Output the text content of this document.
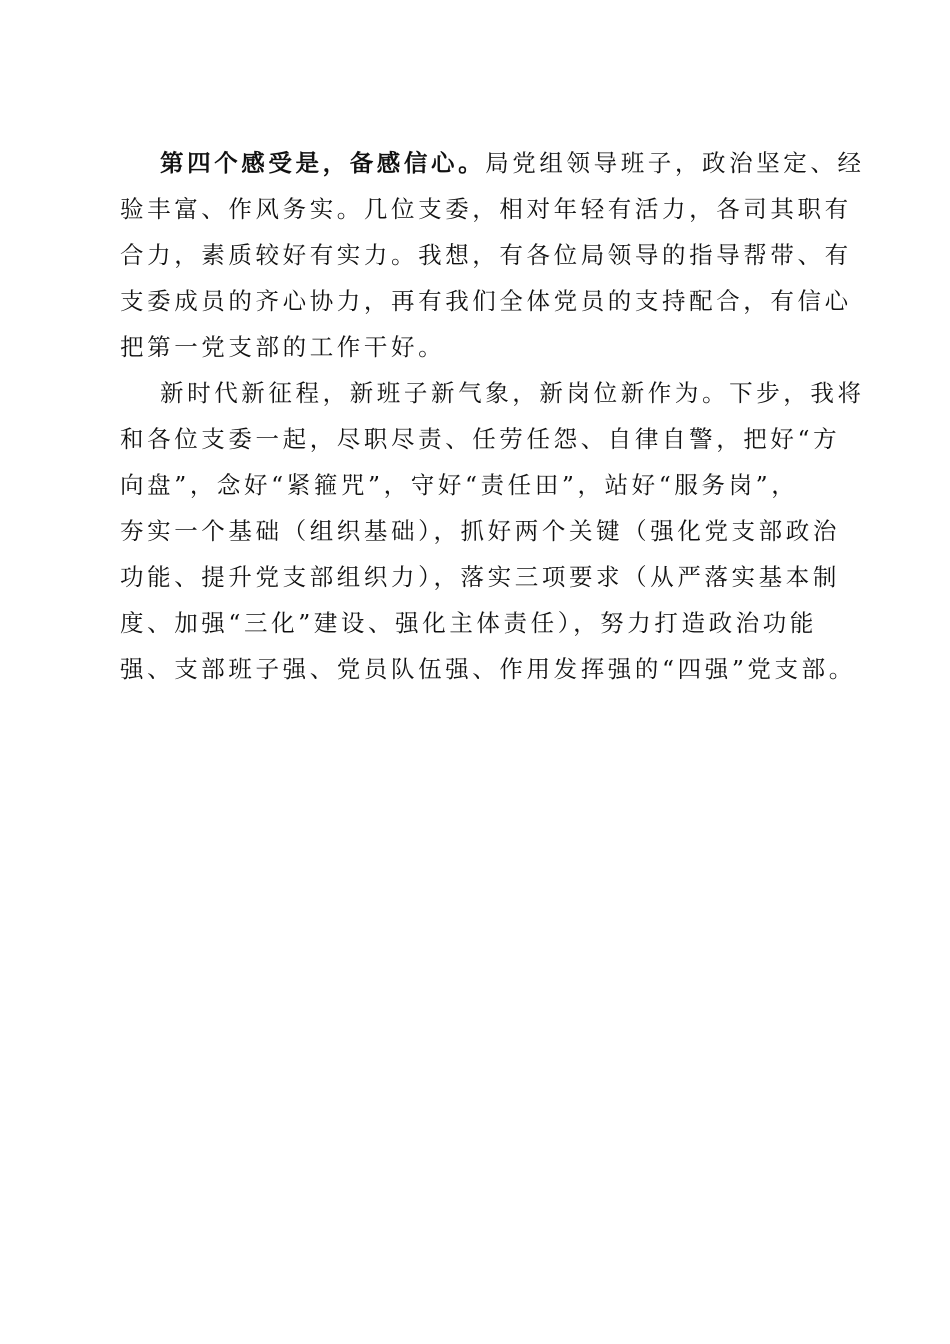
第四个感受是，备感信心。局党组领导班子，政治坚定、经
验丰富、作风务实。几位支委，相对年轻有活力，各司其职有
合力，素质较好有实力。我想，有各位局领导的指导帮带、有
支委成员的齐心协力，再有我们全体党员的支持配合，有信心
把第一党支部的工作干好。
新时代新征程，新班子新气象，新岗位新作为。下步，我将
和各位支委一起，尽职尽责、任劳任怨、自律自警，把好“方
向盘”，念好“紧箍咒”，守好“责任田”，站好“服务岗”，
夯实一个基础（组织基础），抓好两个关键（强化党支部政治
功能、提升党支部组织力），落实三项要求（从严落实基本制
度、加强“三化”建设、强化主体责任），努力打造政治功能
强、支部班子强、党员队伍强、作用发挥强的“四强”党支部。
